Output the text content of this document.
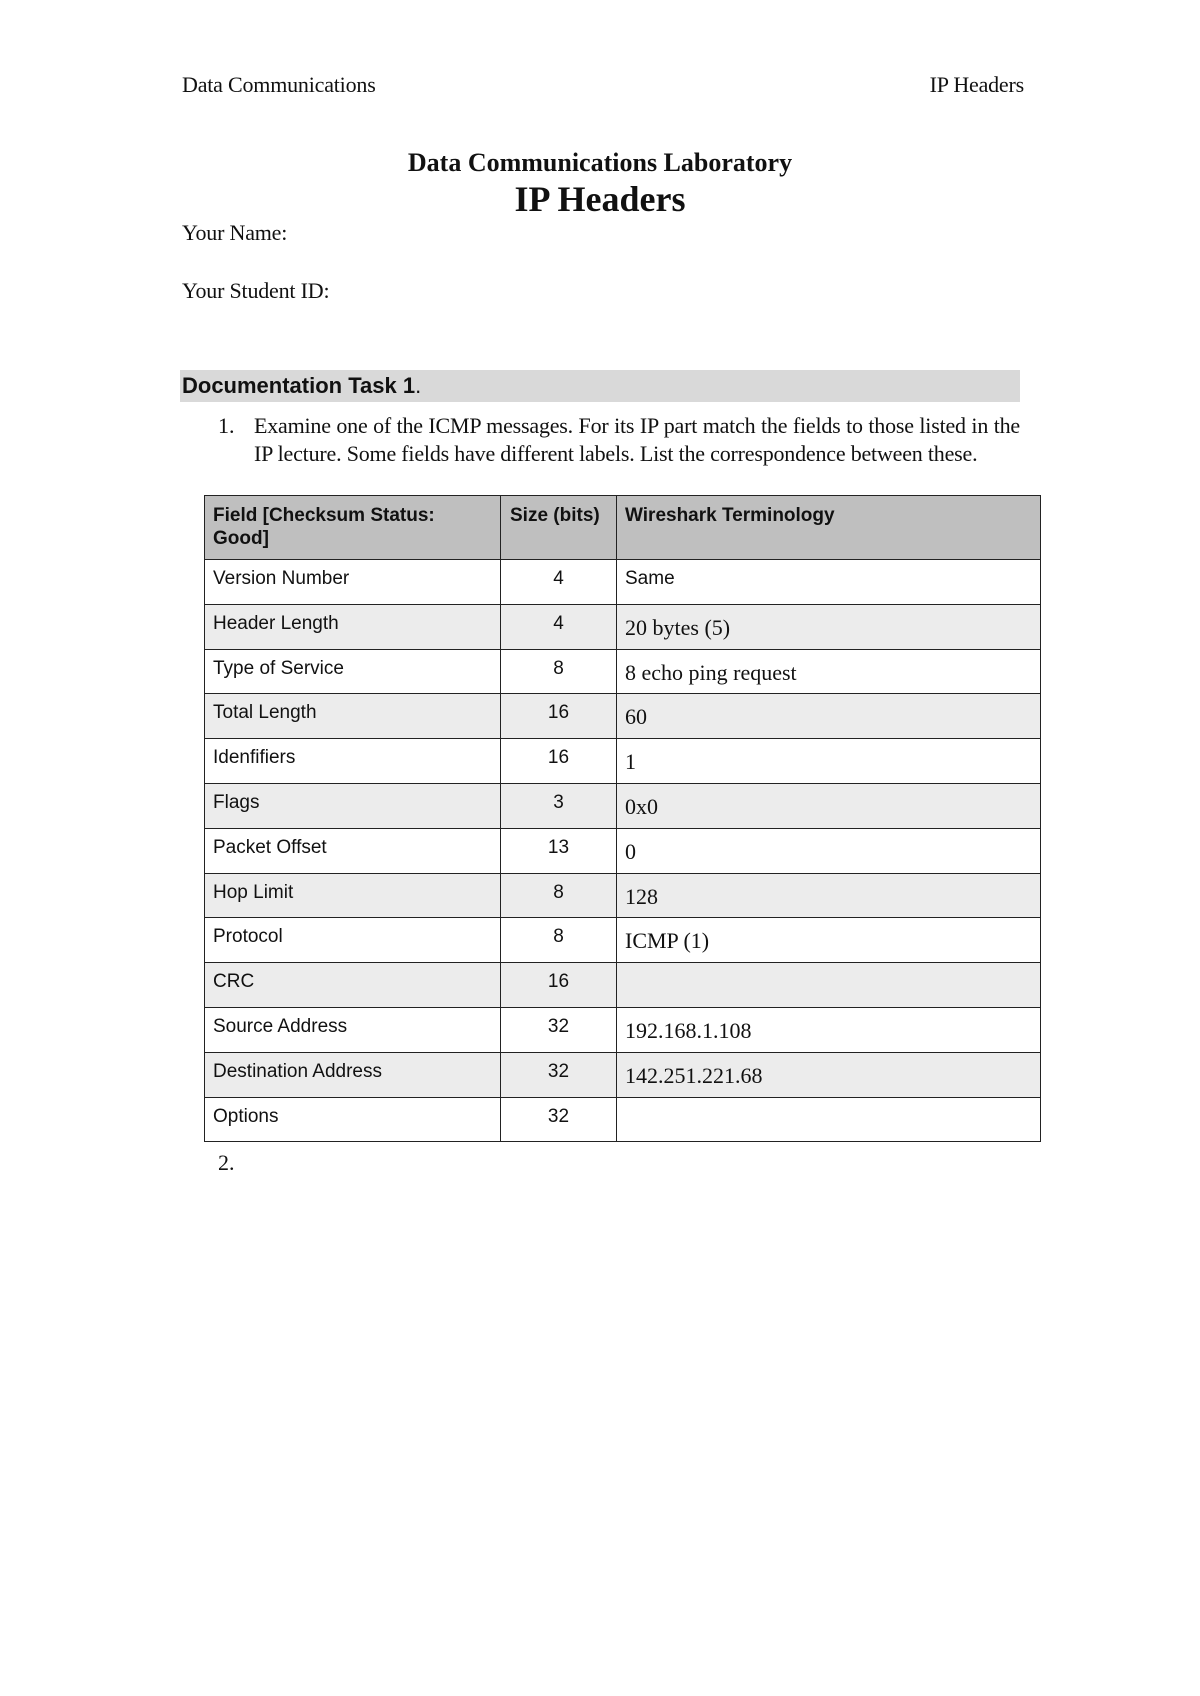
Data Communications	IP Headers
Data Communications Laboratory
IP Headers
Your Name:
Your Student ID:
Documentation Task 1.
1. Examine one of the ICMP messages. For its IP part match the fields to those listed in the IP lecture. Some fields have different labels. List the correspondence between these.
Field [Checksum Status: Good]	Size (bits)	Wireshark Terminology
Version Number	4	Same
Header Length	4	20 bytes (5)
Type of Service	8	8 echo ping request
Total Length	16	60
Idenfifiers	16	1
Flags	3	0x0
Packet Offset	13	0
Hop Limit	8	128
Protocol	8	ICMP (1)
CRC	16	
Source Address	32	192.168.1.108
Destination Address	32	142.251.221.68
Options	32	
2.
